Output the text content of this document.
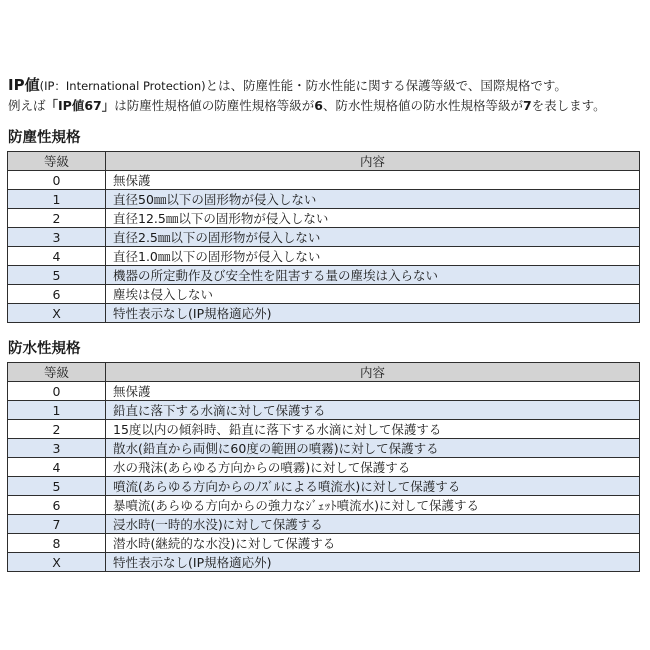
IP値(IP：International Protection)とは、防塵性能・防水性能に関する保護等級で、国際規格です。
例えば「IP値67」は防塵性規格値の防塵性規格等級が6、防水性規格値の防水性規格等級が7を表します。
防塵性規格
等級	内容
0	無保護
1	直径50㎜以下の固形物が侵入しない
2	直径12.5㎜以下の固形物が侵入しない
3	直径2.5㎜以下の固形物が侵入しない
4	直径1.0㎜以下の固形物が侵入しない
5	機器の所定動作及び安全性を阻害する量の塵埃は入らない
6	塵埃は侵入しない
X	特性表示なし(IP規格適応外)
防水性規格
等級	内容
0	無保護
1	鉛直に落下する水滴に対して保護する
2	15度以内の傾斜時、鉛直に落下する水滴に対して保護する
3	散水(鉛直から両側に60度の範囲の噴霧)に対して保護する
4	水の飛沫(あらゆる方向からの噴霧)に対して保護する
5	噴流(あらゆる方向からのﾉｽﾞﾙによる噴流水)に対して保護する
6	暴噴流(あらゆる方向からの強力なｼﾞｪｯﾄ噴流水)に対して保護する
7	浸水時(一時的水没)に対して保護する
8	潜水時(継続的な水没)に対して保護する
X	特性表示なし(IP規格適応外)
